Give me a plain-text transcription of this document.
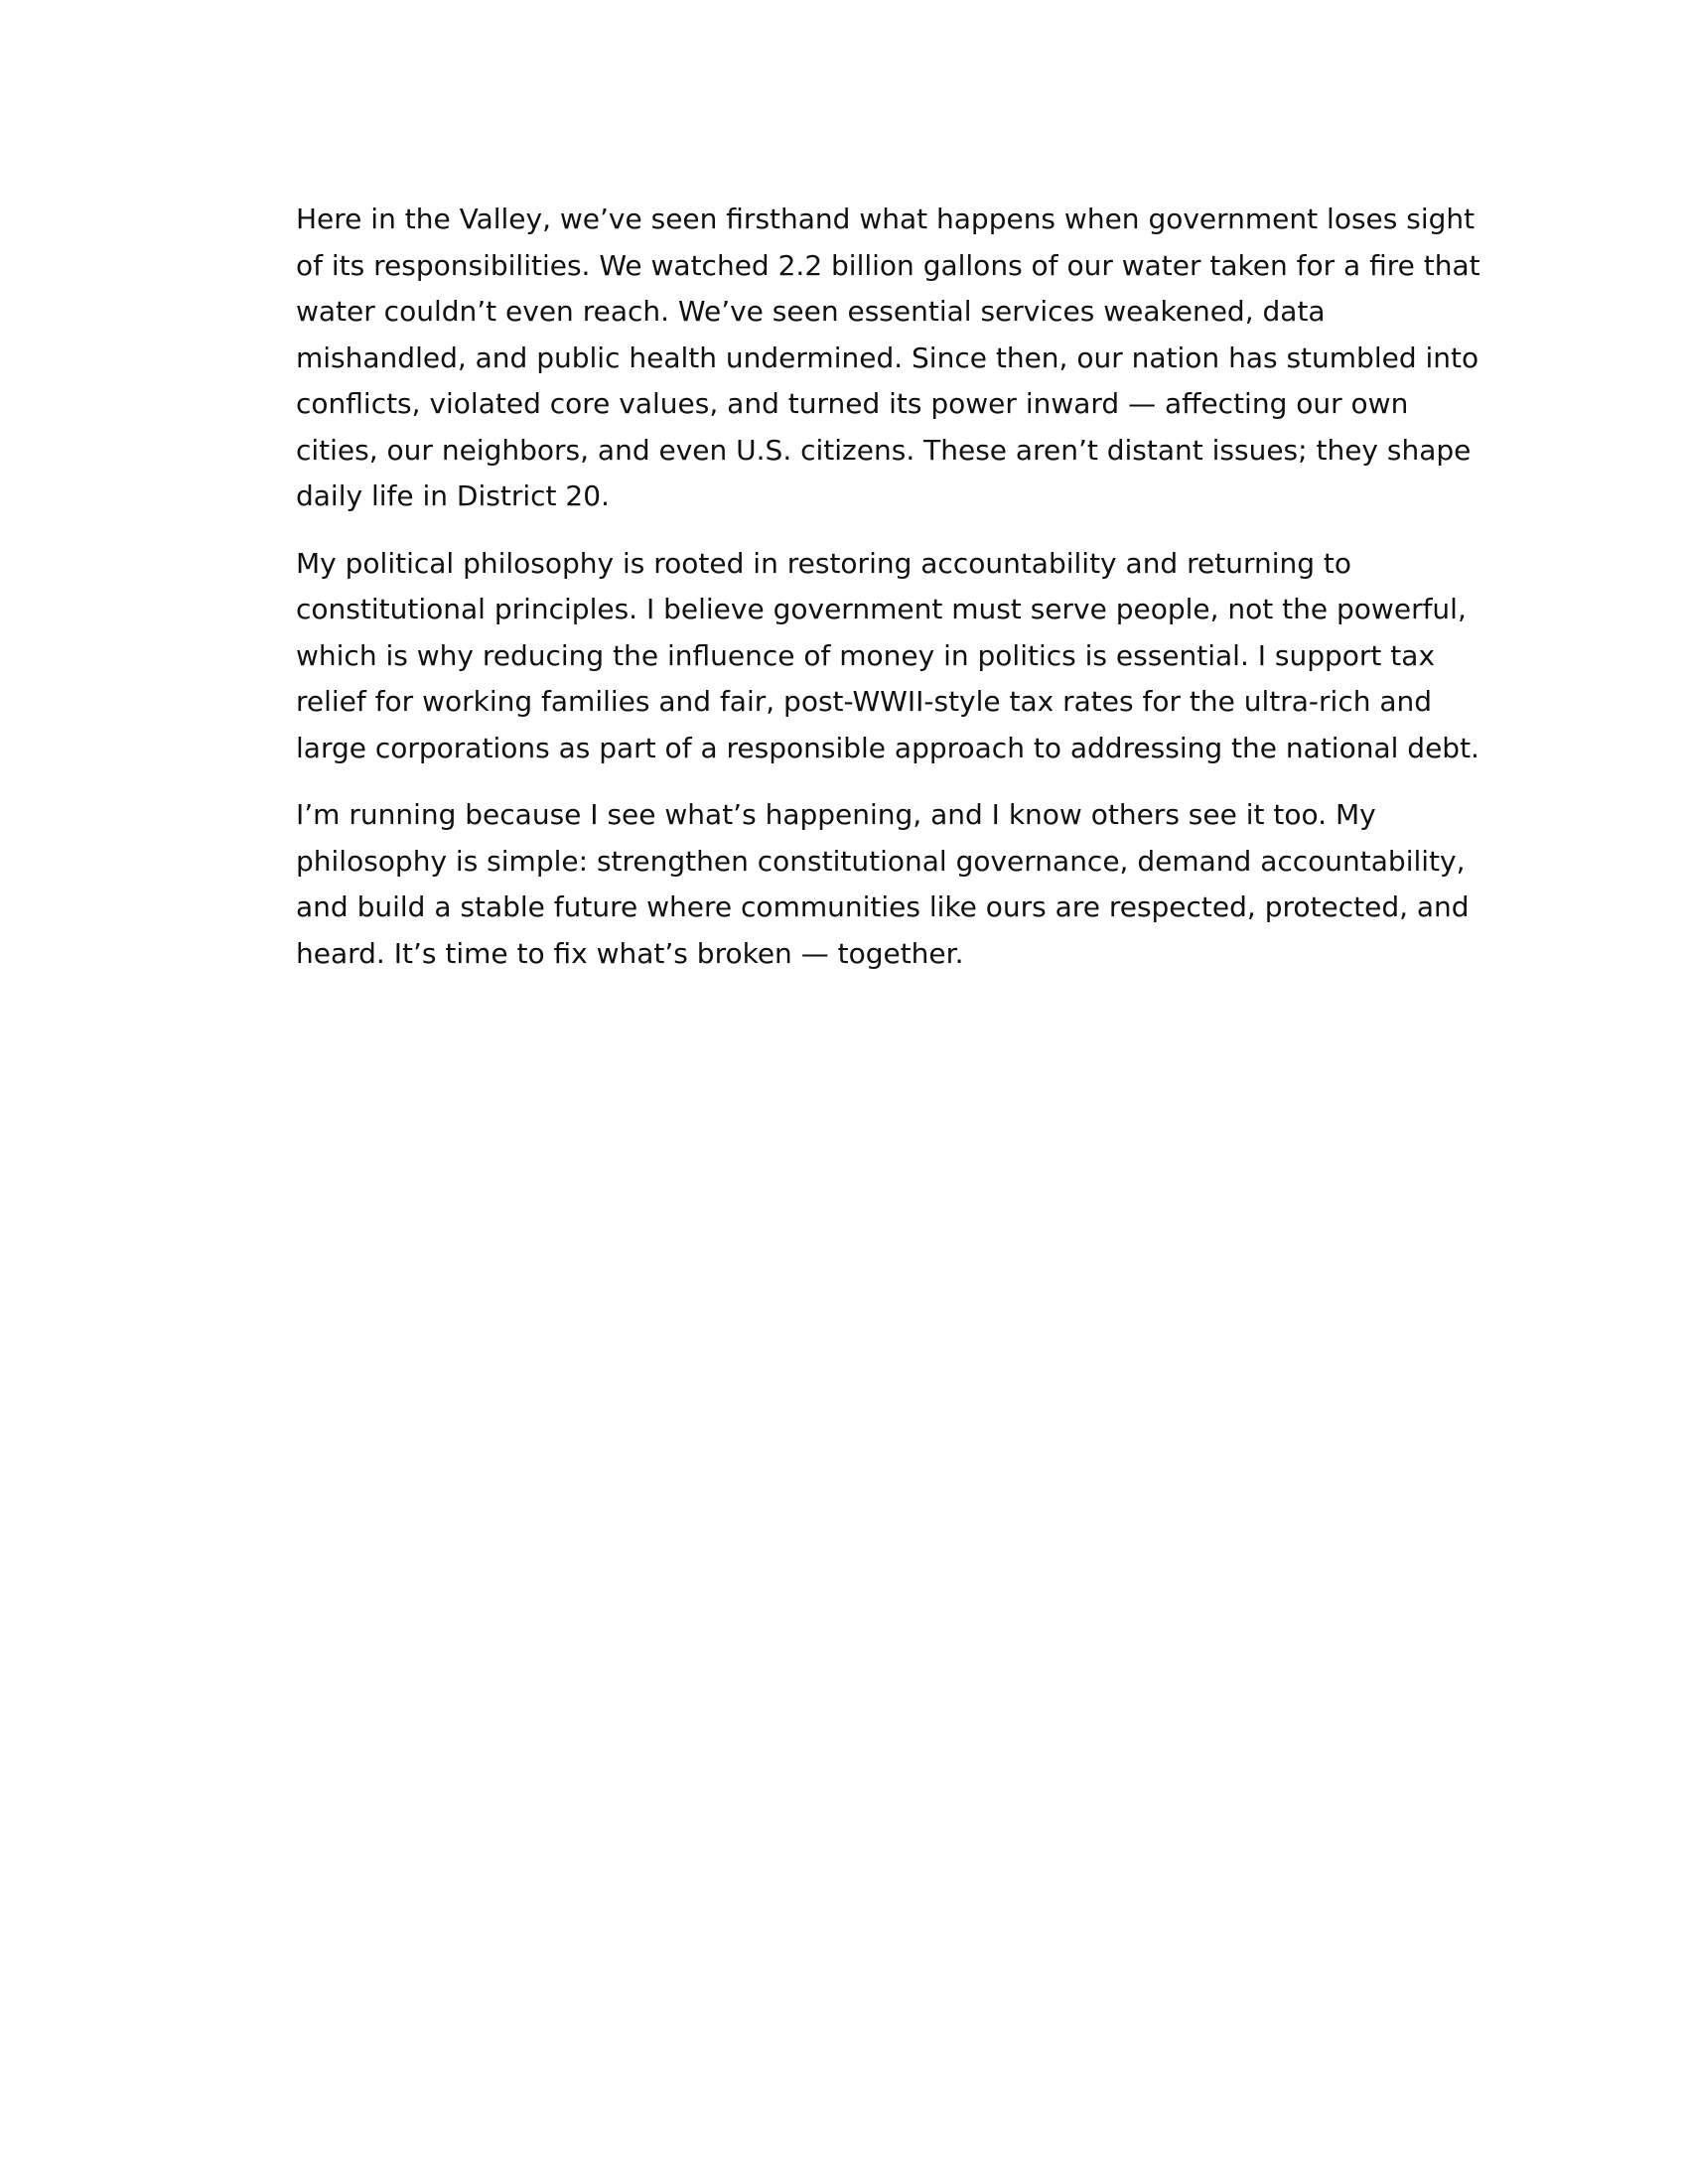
Here in the Valley, we’ve seen firsthand what happens when government loses sight of its responsibilities. We watched 2.2 billion gallons of our water taken for a fire that water couldn’t even reach. We’ve seen essential services weakened, data mishandled, and public health undermined. Since then, our nation has stumbled into conflicts, violated core values, and turned its power inward — affecting our own cities, our neighbors, and even U.S. citizens. These aren’t distant issues; they shape daily life in District 20.

My political philosophy is rooted in restoring accountability and returning to constitutional principles. I believe government must serve people, not the powerful, which is why reducing the influence of money in politics is essential. I support tax relief for working families and fair, post-WWII-style tax rates for the ultra-rich and large corporations as part of a responsible approach to addressing the national debt.

I’m running because I see what’s happening, and I know others see it too. My philosophy is simple: strengthen constitutional governance, demand accountability, and build a stable future where communities like ours are respected, protected, and heard. It’s time to fix what’s broken — together.
